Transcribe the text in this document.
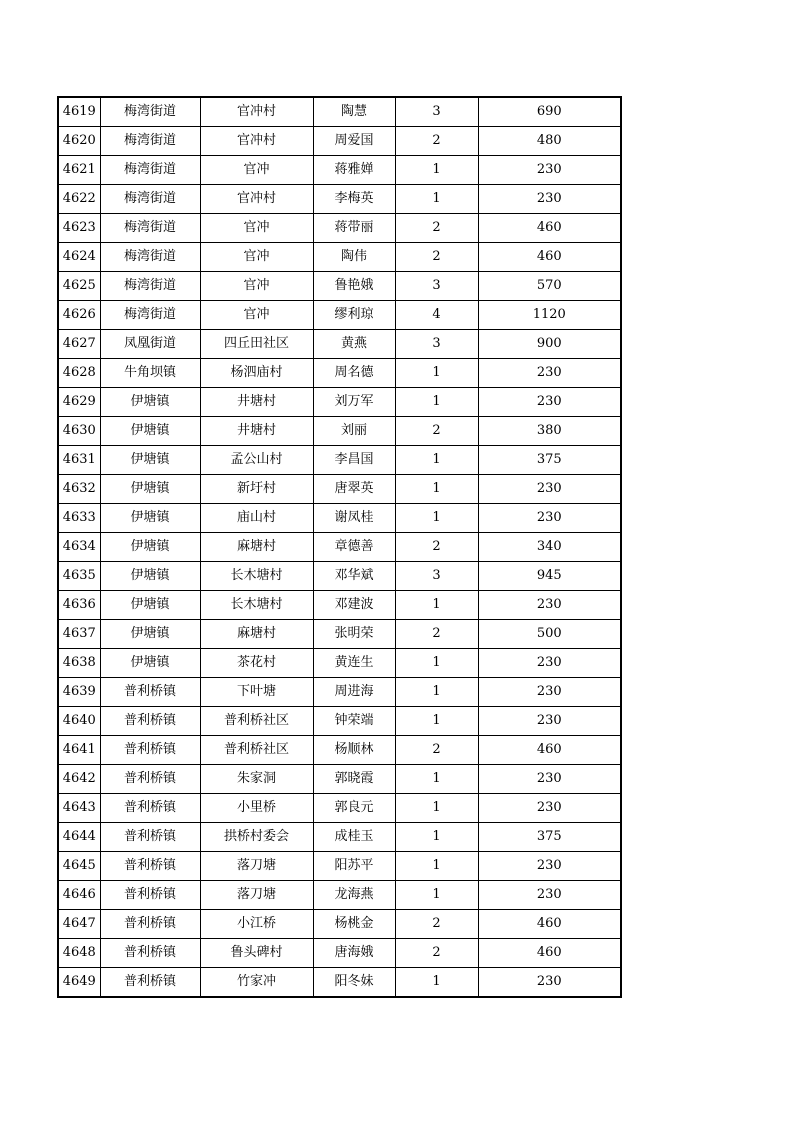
4619	梅湾街道	官冲村	陶慧	3	690
4620	梅湾街道	官冲村	周爱国	2	480
4621	梅湾街道	官冲	蒋雅婵	1	230
4622	梅湾街道	官冲村	李梅英	1	230
4623	梅湾街道	官冲	蒋带丽	2	460
4624	梅湾街道	官冲	陶伟	2	460
4625	梅湾街道	官冲	鲁艳娥	3	570
4626	梅湾街道	官冲	缪利琼	4	1120
4627	凤凰街道	四丘田社区	黄燕	3	900
4628	牛角坝镇	杨泗庙村	周名德	1	230
4629	伊塘镇	井塘村	刘万军	1	230
4630	伊塘镇	井塘村	刘丽	2	380
4631	伊塘镇	孟公山村	李昌国	1	375
4632	伊塘镇	新圩村	唐翠英	1	230
4633	伊塘镇	庙山村	谢凤桂	1	230
4634	伊塘镇	麻塘村	章德善	2	340
4635	伊塘镇	长木塘村	邓华斌	3	945
4636	伊塘镇	长木塘村	邓建波	1	230
4637	伊塘镇	麻塘村	张明荣	2	500
4638	伊塘镇	茶花村	黄连生	1	230
4639	普利桥镇	下叶塘	周进海	1	230
4640	普利桥镇	普利桥社区	钟荣端	1	230
4641	普利桥镇	普利桥社区	杨顺林	2	460
4642	普利桥镇	朱家洞	郭晓霞	1	230
4643	普利桥镇	小里桥	郭良元	1	230
4644	普利桥镇	拱桥村委会	成桂玉	1	375
4645	普利桥镇	落刀塘	阳苏平	1	230
4646	普利桥镇	落刀塘	龙海燕	1	230
4647	普利桥镇	小江桥	杨桃金	2	460
4648	普利桥镇	鲁头碑村	唐海娥	2	460
4649	普利桥镇	竹家冲	阳冬妹	1	230
